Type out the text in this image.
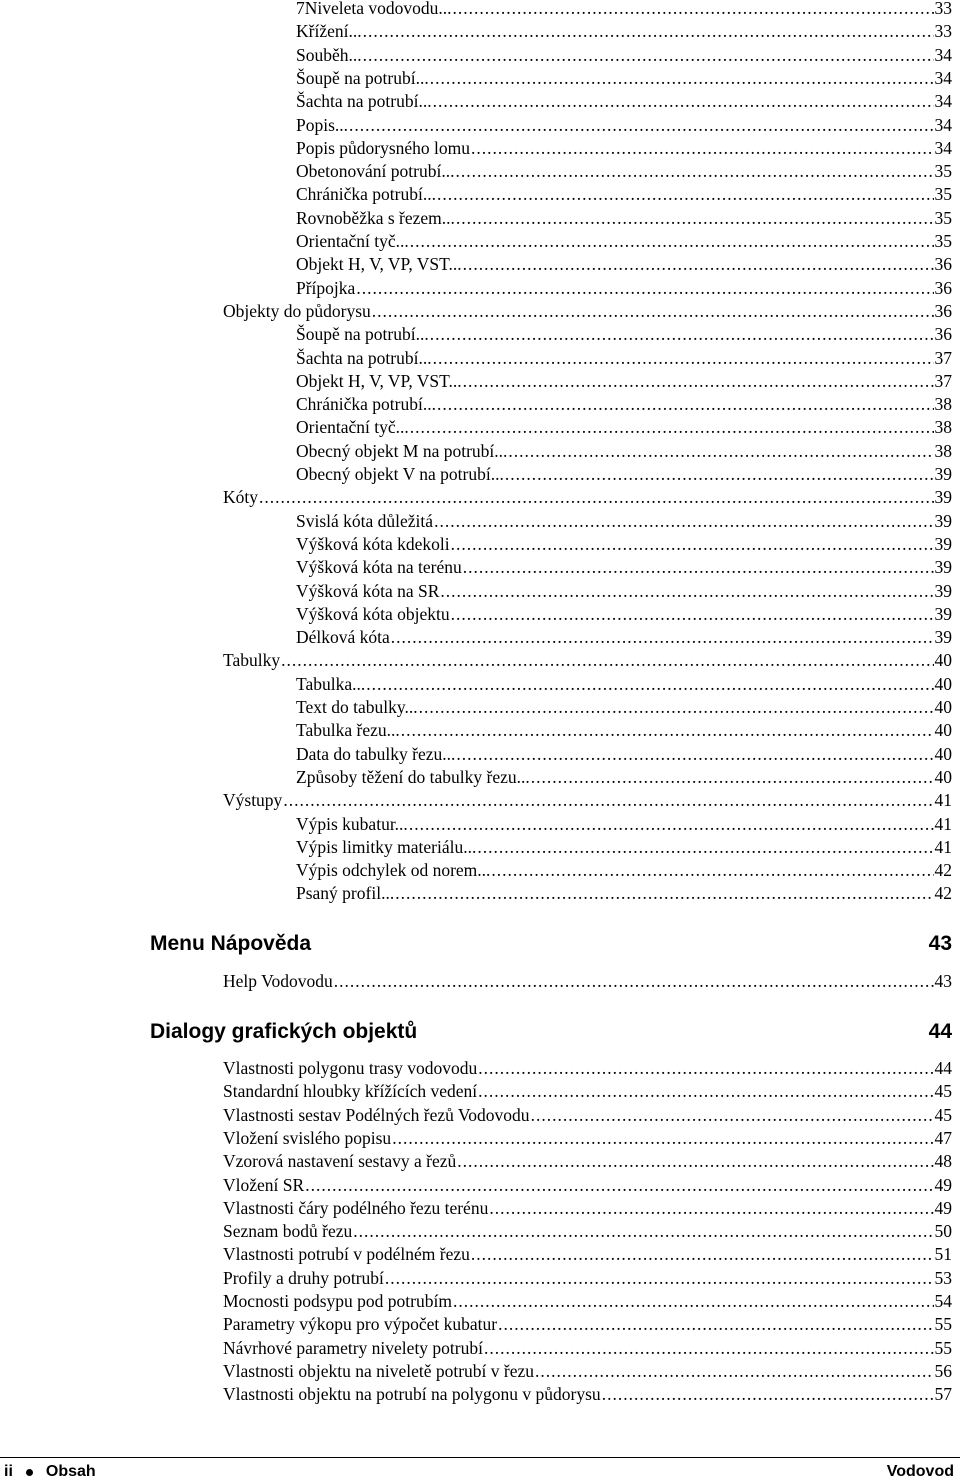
7Niveleta vodovodu... .....	33
Křížení... .....	33
Souběh... .....	34
Šoupě na potrubí... .....	34
Šachta na potrubí... .....	34
Popis... .....	34
Popis půdorysného lomu .....	34
Obetonování potrubí... .....	35
Chránička potrubí... .....	35
Rovnoběžka s řezem... .....	35
Orientační tyč... .....	35
Objekt H, V, VP, VST... .....	36
Přípojka .....	36
Objekty do půdorysu .....	36
Šoupě na potrubí... .....	36
Šachta na potrubí... .....	37
Objekt H, V, VP, VST... .....	37
Chránička potrubí... .....	38
Orientační tyč... .....	38
Obecný objekt M na potrubí... .....	38
Obecný objekt V na potrubí... .....	39
Kóty .....	39
Svislá kóta důležitá .....	39
Výšková kóta kdekoli .....	39
Výšková kóta na terénu .....	39
Výšková kóta na SR .....	39
Výšková kóta objektu .....	39
Délková kóta .....	39
Tabulky .....	40
Tabulka... .....	40
Text do tabulky... .....	40
Tabulka řezu... .....	40
Data do tabulky řezu... .....	40
Způsoby těžení do tabulky řezu... .....	40
Výstupy .....	41
Výpis kubatur... .....	41
Výpis limitky materiálu... .....	41
Výpis odchylek od norem... .....	42
Psaný profil... .....	42
Menu Nápověda	43
Help Vodovodu .....	43
Dialogy grafických objektů	44
Vlastnosti polygonu trasy vodovodu .....	44
Standardní hloubky křížících vedení .....	45
Vlastnosti sestav Podélných řezů Vodovodu .....	45
Vložení svislého popisu .....	47
Vzorová nastavení sestavy a řezů .....	48
Vložení SR .....	49
Vlastnosti čáry podélného řezu terénu .....	49
Seznam bodů řezu .....	50
Vlastnosti potrubí v podélném řezu .....	51
Profily a druhy potrubí .....	53
Mocnosti podsypu pod potrubím .....	54
Parametry výkopu pro výpočet kubatur .....	55
Návrhové parametry nivelety potrubí .....	55
Vlastnosti objektu na niveletě potrubí v řezu .....	56
Vlastnosti objektu na potrubí na polygonu v půdorysu .....	57
ii Obsah	Vodovod
